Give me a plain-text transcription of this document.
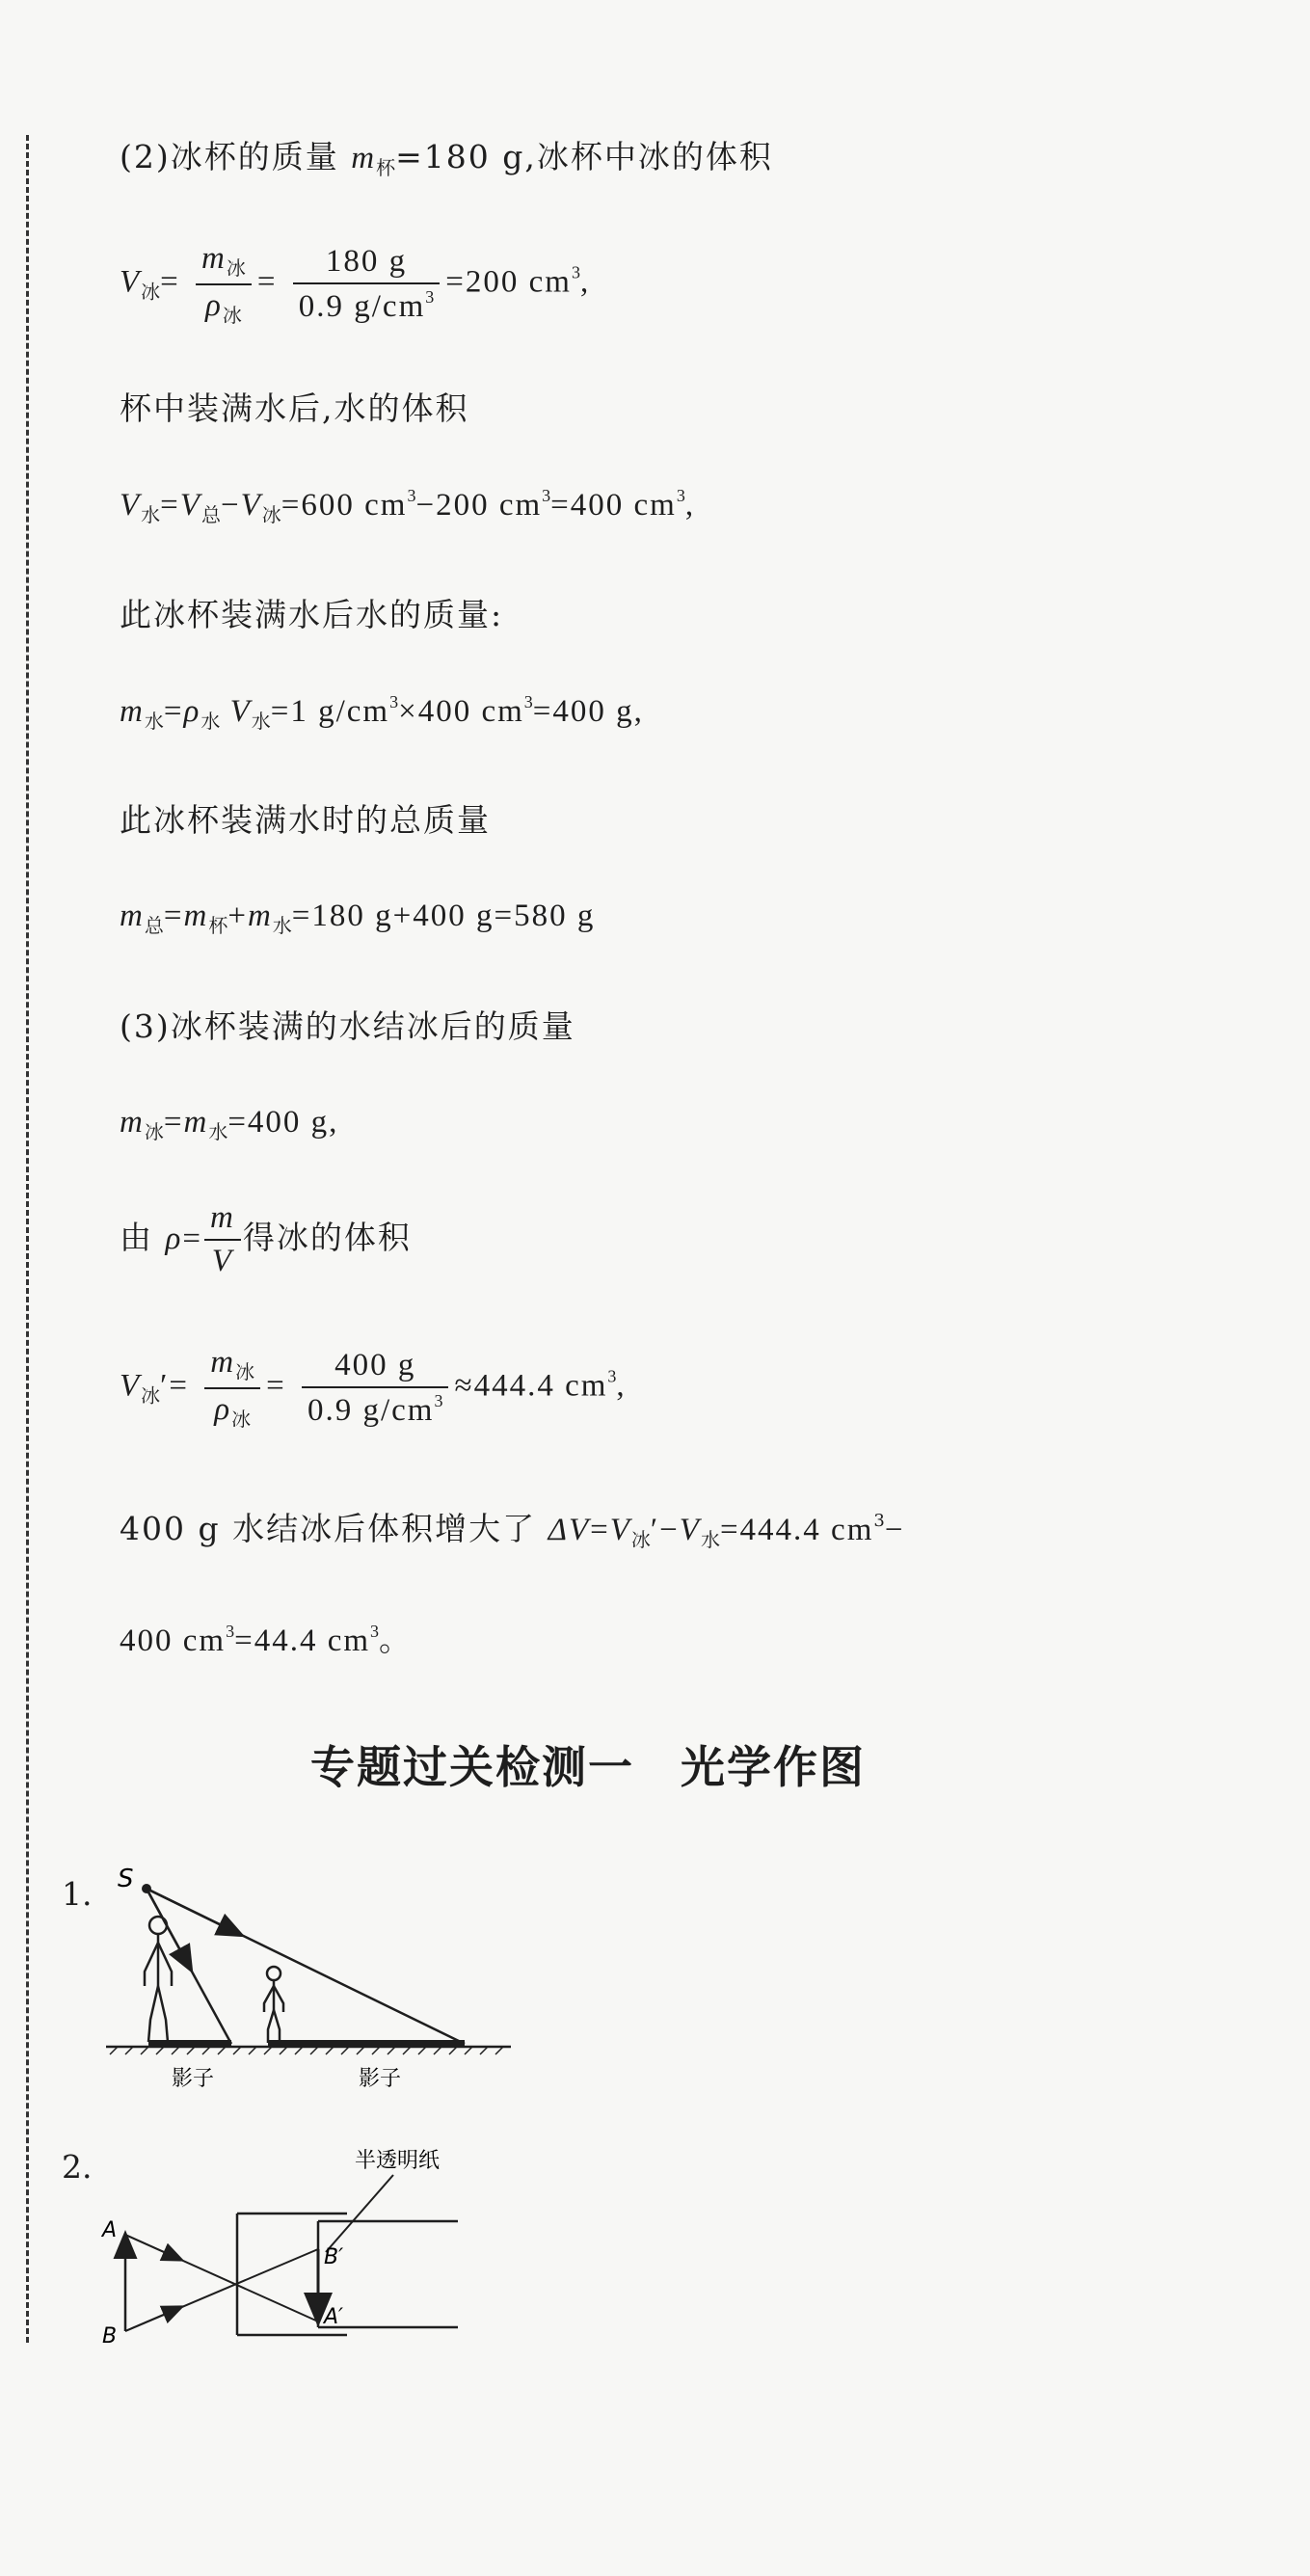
(2)冰杯的质量 $m_杯=180$ g,冰杯中冰的体积
$V_冰= \frac{m_冰}{\rho_冰} = \frac{180 g}{0.9 g/cm^3} =200$ $cm^3$,
杯中装满水后,水的体积
$V_水=V_总-V_冰=600$ $cm^3-200$ $cm^3=400$ $cm^3$,
此冰杯装满水后水的质量:
$m_水=\rho_水$ $V_水=1$ $g/cm^3\times 400$ $cm^3=400$ g,
此冰杯装满水时的总质量
$m_总=m_杯+m_水=180$ g+400 g=580 g
(3)冰杯装满的水结冰后的质量
$m_冰=m_水=400$ g,
由 $\rho= \frac{m}{V}$ 得冰的体积
$V_冰'= \frac{m_冰}{\rho_冰} = \frac{400 g}{0.9 g/cm^3} \approx 444.4$ $cm^3$,
400 g 水结冰后体积增大了 $\Delta V=V_冰'-V_水=444.4$ $cm^3-$
400 $cm^3=44.4$ $cm^3$。
专题过关检测一　光学作图
1. S
影子	影子
2.	半透明纸
A
B
B′
A′
